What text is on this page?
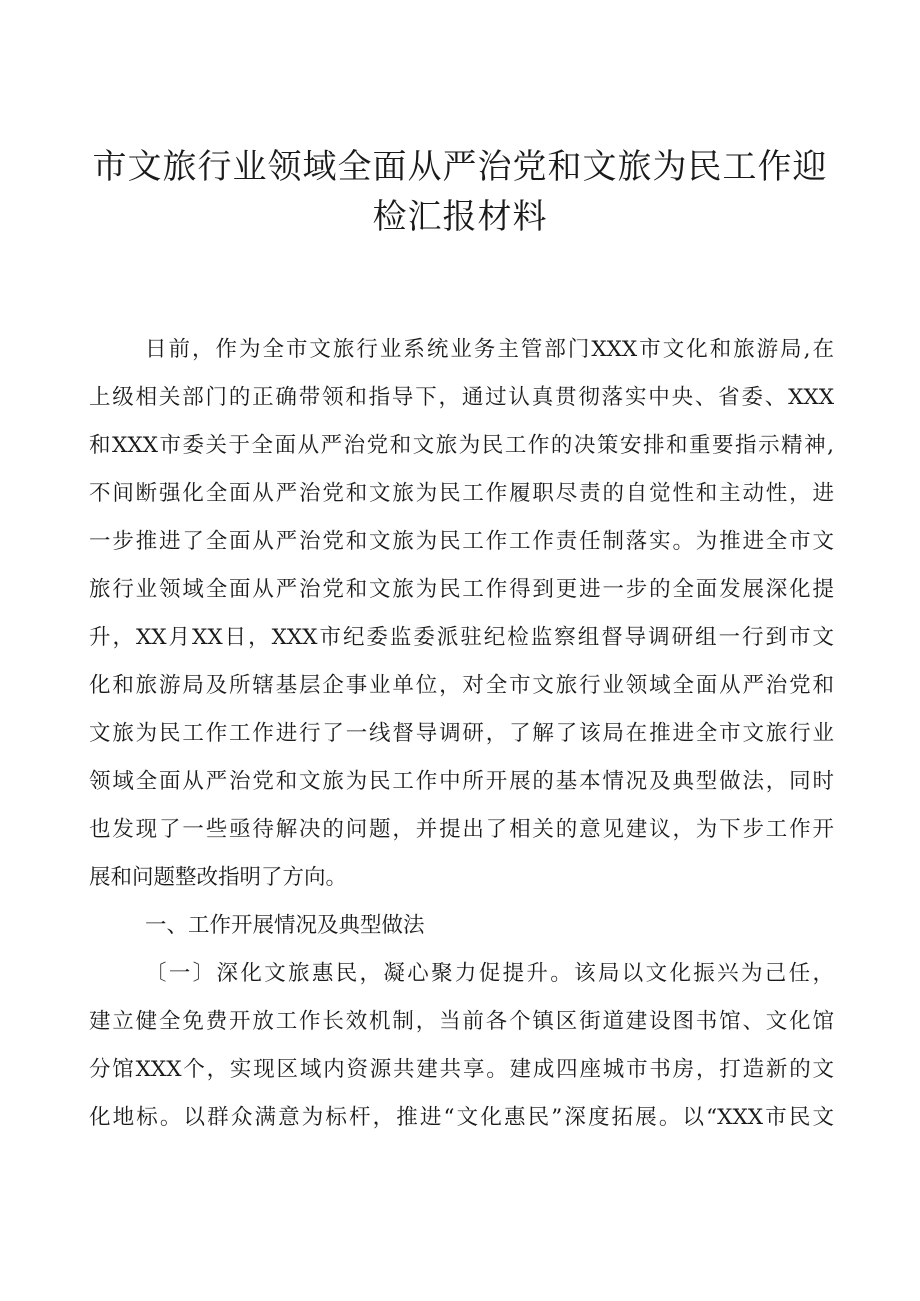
市文旅行业领域全面从严治党和文旅为民工作迎
检汇报材料

日前，作为全市文旅行业系统业务主管部门XXX市文化和旅游局,在

上级相关部门的正确带领和指导下，通过认真贯彻落实中央、省委、XXX

和XXX市委关于全面从严治党和文旅为民工作的决策安排和重要指示精神,

不间断强化全面从严治党和文旅为民工作履职尽责的自觉性和主动性，进

一步推进了全面从严治党和文旅为民工作工作责任制落实。为推进全市文

旅行业领域全面从严治党和文旅为民工作得到更进一步的全面发展深化提

升，XX月XX日，XXX市纪委监委派驻纪检监察组督导调研组一行到市文

化和旅游局及所辖基层企事业单位，对全市文旅行业领域全面从严治党和

文旅为民工作工作进行了一线督导调研，了解了该局在推进全市文旅行业

领域全面从严治党和文旅为民工作中所开展的基本情况及典型做法，同时

也发现了一些亟待解决的问题，并提出了相关的意见建议，为下步工作开

展和问题整改指明了方向。

一、工作开展情况及典型做法

〔一〕深化文旅惠民，凝心聚力促提升。该局以文化振兴为己任，

建立健全免费开放工作长效机制，当前各个镇区街道建设图书馆、文化馆

分馆XXX个，实现区域内资源共建共享。建成四座城市书房，打造新的文

化地标。以群众满意为标杆，推进“文化惠民”深度拓展。以“XXX市民文
